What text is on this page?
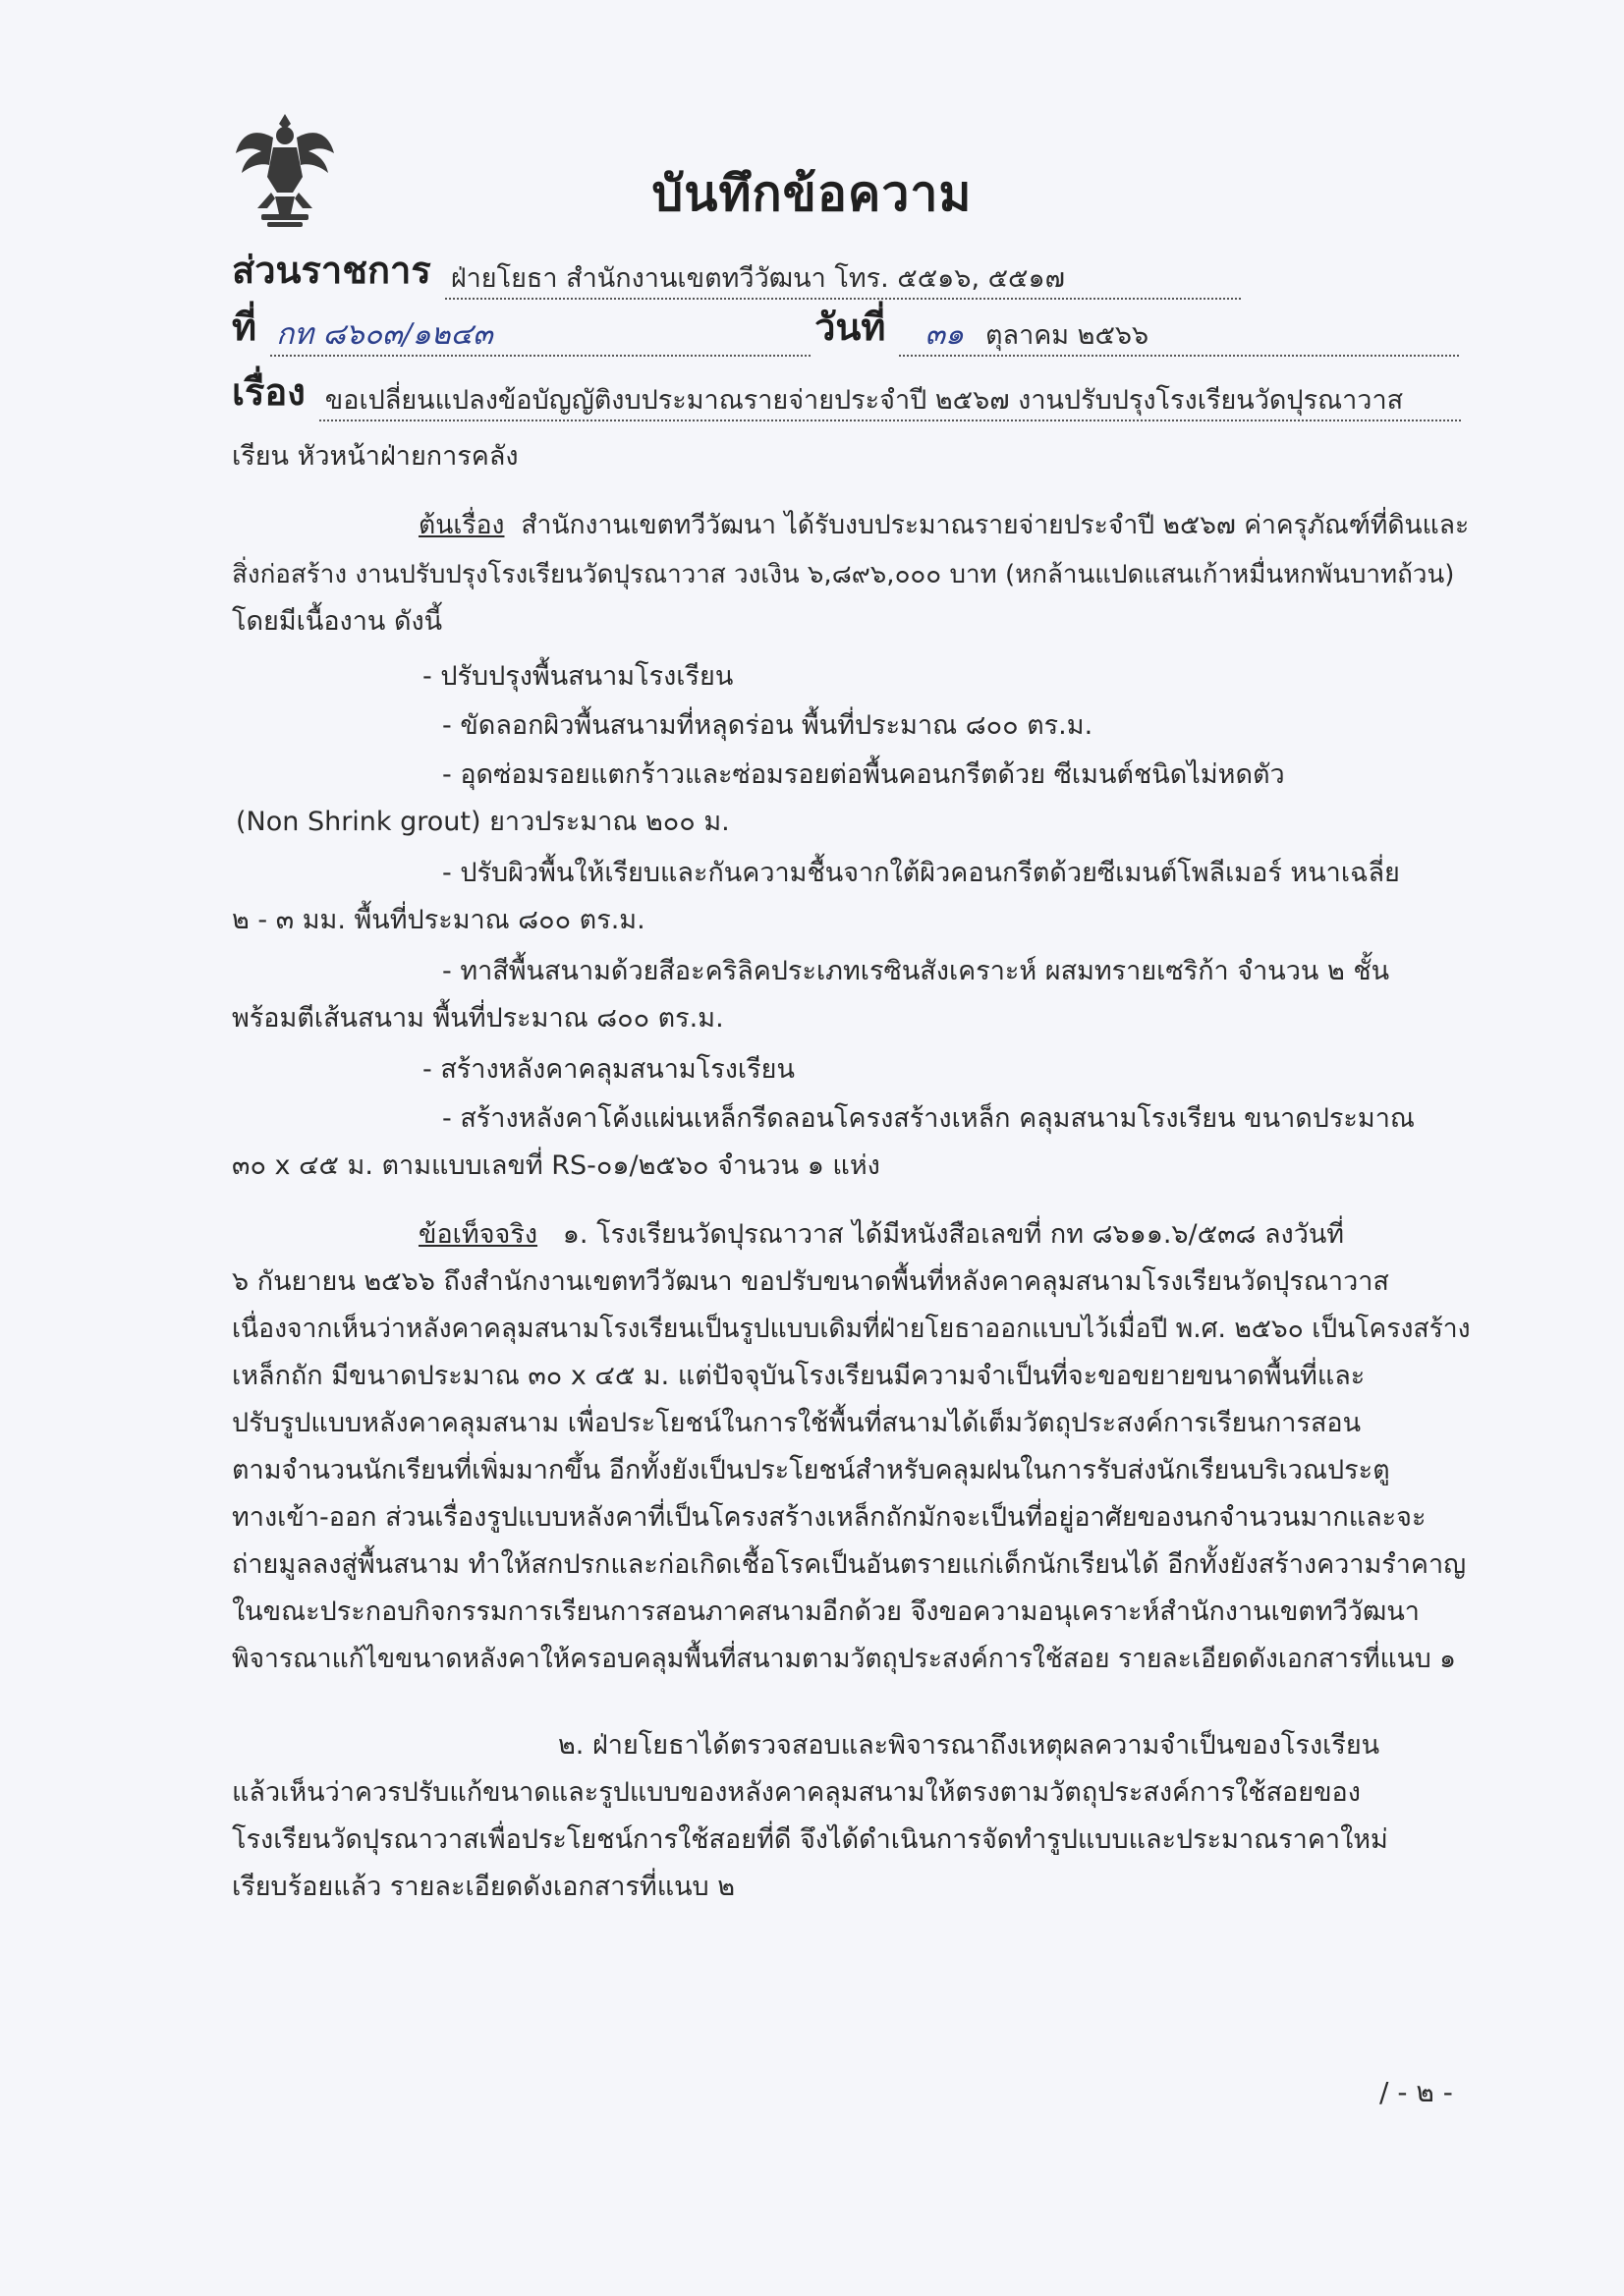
บันทึกข้อความ
ส่วนราชการ ฝ่ายโยธา สำนักงานเขตทวีวัฒนา โทร. ๕๕๑๖, ๕๕๑๗
ที่ กท ๘๖๐๓/๑๒๔๓	วันที่	๓๑ ตุลาคม ๒๕๖๖
เรื่อง ขอเปลี่ยนแปลงข้อบัญญัติงบประมาณรายจ่ายประจำปี ๒๕๖๗ งานปรับปรุงโรงเรียนวัดปุรณาวาส
เรียน หัวหน้าฝ่ายการคลัง
ต้นเรื่อง สำนักงานเขตทวีวัฒนา ได้รับงบประมาณรายจ่ายประจำปี ๒๕๖๗ ค่าครุภัณฑ์ที่ดินและ
สิ่งก่อสร้าง งานปรับปรุงโรงเรียนวัดปุรณาวาส วงเงิน ๖,๘๙๖,๐๐๐ บาท (หกล้านแปดแสนเก้าหมื่นหกพันบาทถ้วน)
โดยมีเนื้องาน ดังนี้
- ปรับปรุงพื้นสนามโรงเรียน
- ขัดลอกผิวพื้นสนามที่หลุดร่อน พื้นที่ประมาณ ๘๐๐ ตร.ม.
- อุดซ่อมรอยแตกร้าวและซ่อมรอยต่อพื้นคอนกรีตด้วย ซีเมนต์ชนิดไม่หดตัว
(Non Shrink grout) ยาวประมาณ ๒๐๐ ม.
- ปรับผิวพื้นให้เรียบและกันความชื้นจากใต้ผิวคอนกรีตด้วยซีเมนต์โพลีเมอร์ หนาเฉลี่ย
๒ - ๓ มม. พื้นที่ประมาณ ๘๐๐ ตร.ม.
- ทาสีพื้นสนามด้วยสีอะคริลิคประเภทเรซินสังเคราะห์ ผสมทรายเซริก้า จำนวน ๒ ชั้น
พร้อมตีเส้นสนาม พื้นที่ประมาณ ๘๐๐ ตร.ม.
- สร้างหลังคาคลุมสนามโรงเรียน
- สร้างหลังคาโค้งแผ่นเหล็กรีดลอนโครงสร้างเหล็ก คลุมสนามโรงเรียน ขนาดประมาณ
๓๐ x ๔๕ ม. ตามแบบเลขที่ RS-๐๑/๒๕๖๐ จำนวน ๑ แห่ง
ข้อเท็จจริง ๑. โรงเรียนวัดปุรณาวาส ได้มีหนังสือเลขที่ กท ๘๖๑๑.๖/๕๓๘ ลงวันที่
๖ กันยายน ๒๕๖๖ ถึงสำนักงานเขตทวีวัฒนา ขอปรับขนาดพื้นที่หลังคาคลุมสนามโรงเรียนวัดปุรณาวาส
เนื่องจากเห็นว่าหลังคาคลุมสนามโรงเรียนเป็นรูปแบบเดิมที่ฝ่ายโยธาออกแบบไว้เมื่อปี พ.ศ. ๒๕๖๐ เป็นโครงสร้าง
เหล็กถัก มีขนาดประมาณ ๓๐ x ๔๕ ม. แต่ปัจจุบันโรงเรียนมีความจำเป็นที่จะขอขยายขนาดพื้นที่และ
ปรับรูปแบบหลังคาคลุมสนาม เพื่อประโยชน์ในการใช้พื้นที่สนามได้เต็มวัตถุประสงค์การเรียนการสอน
ตามจำนวนนักเรียนที่เพิ่มมากขึ้น อีกทั้งยังเป็นประโยชน์สำหรับคลุมฝนในการรับส่งนักเรียนบริเวณประตู
ทางเข้า-ออก ส่วนเรื่องรูปแบบหลังคาที่เป็นโครงสร้างเหล็กถักมักจะเป็นที่อยู่อาศัยของนกจำนวนมากและจะ
ถ่ายมูลลงสู่พื้นสนาม ทำให้สกปรกและก่อเกิดเชื้อโรคเป็นอันตรายแก่เด็กนักเรียนได้ อีกทั้งยังสร้างความรำคาญ
ในขณะประกอบกิจกรรมการเรียนการสอนภาคสนามอีกด้วย จึงขอความอนุเคราะห์สำนักงานเขตทวีวัฒนา
พิจารณาแก้ไขขนาดหลังคาให้ครอบคลุมพื้นที่สนามตามวัตถุประสงค์การใช้สอย รายละเอียดดังเอกสารที่แนบ ๑
๒. ฝ่ายโยธาได้ตรวจสอบและพิจารณาถึงเหตุผลความจำเป็นของโรงเรียน
แล้วเห็นว่าควรปรับแก้ขนาดและรูปแบบของหลังคาคลุมสนามให้ตรงตามวัตถุประสงค์การใช้สอยของ
โรงเรียนวัดปุรณาวาสเพื่อประโยชน์การใช้สอยที่ดี จึงได้ดำเนินการจัดทำรูปแบบและประมาณราคาใหม่
เรียบร้อยแล้ว รายละเอียดดังเอกสารที่แนบ ๒
/ - ๒ -
